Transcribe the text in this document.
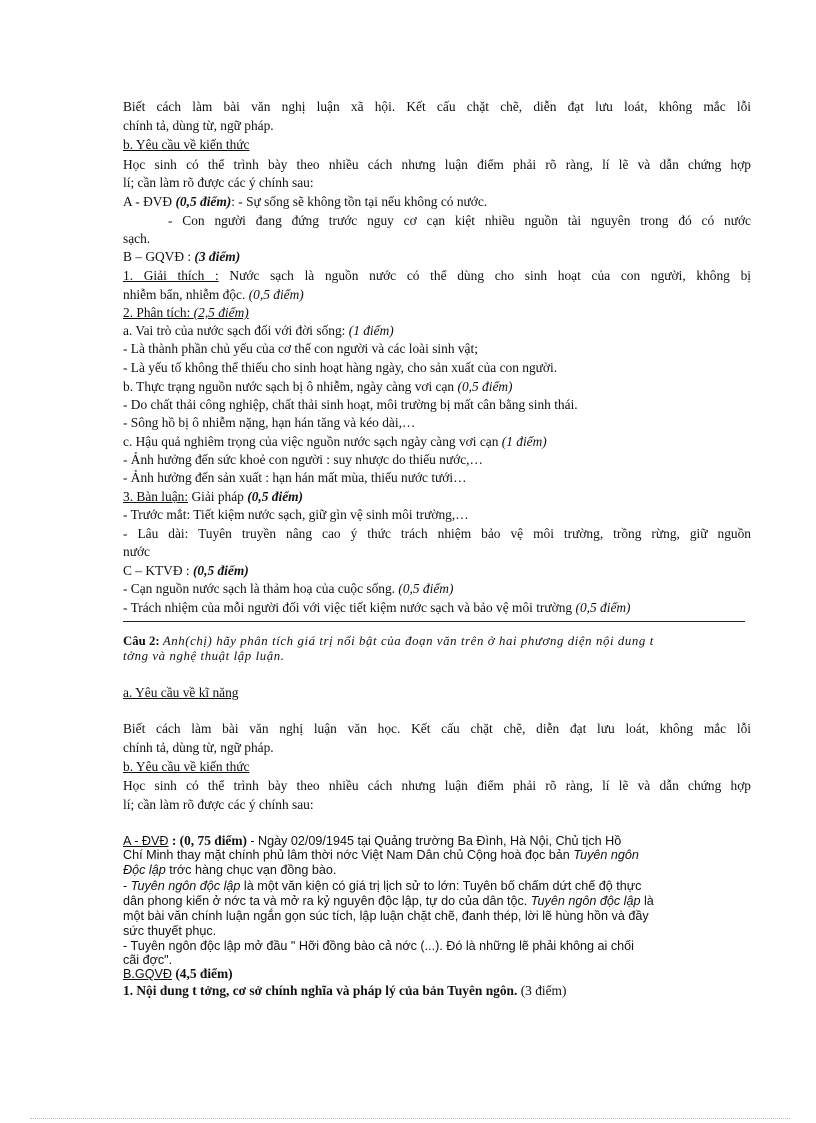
Biết cách làm bài văn nghị luận xã hội. Kết cấu chặt chẽ, diễn đạt lưu loát, không mắc lỗi
chính tả, dùng từ, ngữ pháp.
b. Yêu cầu về kiến thức
Học sinh có thể trình bày theo nhiều cách nhưng luận điểm phải rõ ràng, lí lẽ và dẫn chứng hợp
lí; cần làm rõ được các ý chính sau:
A - ĐVĐ (0,5 điểm): - Sự sống sẽ không tồn tại nếu không có nước.
- Con người đang đứng trước nguy cơ cạn kiệt nhiều nguồn tài nguyên trong đó có nước
sạch.
B – GQVĐ : (3 điểm)
1. Giải thích : Nước sạch là nguồn nước có thể dùng cho sinh hoạt của con người, không bị
nhiễm bẩn, nhiễm độc. (0,5 điểm)
2. Phân tích: (2,5 điểm)
a. Vai trò của nước sạch đối với đời sống: (1 điểm)
- Là thành phần chủ yếu của cơ thể con người và các loài sinh vật;
- Là yếu tố không thể thiếu cho sinh hoạt hàng ngày, cho sản xuất của con người.
b. Thực trạng nguồn nước sạch bị ô nhiễm, ngày càng vơi cạn (0,5 điểm)
- Do chất thải công nghiệp, chất thải sinh hoạt, môi trường bị mất cân bằng sinh thái.
- Sông hồ bị ô nhiễm nặng, hạn hán tăng và kéo dài,…
c. Hậu quả nghiêm trọng của việc nguồn nước sạch ngày càng vơi cạn (1 điểm)
- Ảnh hưởng đến sức khoẻ con người : suy nhược do thiếu nước,…
- Ảnh hưởng đến sản xuất : hạn hán mất mùa, thiếu nước tưới…
3. Bàn luận: Giải pháp (0,5 điểm)
- Trước mắt: Tiết kiệm nước sạch, giữ gìn vệ sinh môi trường,…
- Lâu dài: Tuyên truyền nâng cao ý thức trách nhiệm bảo vệ môi trường, trồng rừng, giữ nguồn
nước
C – KTVĐ : (0,5 điểm)
- Cạn nguồn nước sạch là thảm hoạ của cuộc sống. (0,5 điểm)
- Trách nhiệm của mỗi người đối với việc tiết kiệm nước sạch và bảo vệ môi trường (0,5 điểm)
Câu 2: Anh(chị) hãy phân tích giá trị nổi bật của đoạn văn trên ở hai phương diện nội dung t
tởng và nghệ thuật lập luận.
a. Yêu cầu về kĩ năng
Biết cách làm bài văn nghị luận văn học. Kết cấu chặt chẽ, diễn đạt lưu loát, không mắc lỗi
chính tả, dùng từ, ngữ pháp.
b. Yêu cầu về kiến thức
Học sinh có thể trình bày theo nhiều cách nhưng luận điểm phải rõ ràng, lí lẽ và dẫn chứng hợp
lí; cần làm rõ được các ý chính sau:
A - ĐVĐ : (0, 75 điểm) - Ngày 02/09/1945 tại Quảng trường Ba Đình, Hà Nội, Chủ tịch Hồ
Chí Minh thay mặt chính phủ lâm thời nớc Việt Nam Dân chủ Cộng hoà đọc bản Tuyên ngôn
Độc lập trớc hàng chục vạn đồng bào.
- Tuyên ngôn độc lập là một văn kiện có giá trị lịch sử to lớn: Tuyên bố chấm dứt chế độ thực
dân phong kiến ở nớc ta và mở ra kỷ nguyên độc lập, tự do của dân tộc. Tuyên ngôn độc lập là
một bài văn chính luận ngắn gọn súc tích, lập luận chặt chẽ, đanh thép, lời lẽ hùng hồn và đầy
sức thuyết phục.
- Tuyên ngôn độc lập mở đầu " Hỡi đồng bào cả nớc (...). Đó là những lẽ phải không ai chối
cãi đợc".
B.GQVĐ (4,5 điểm)
1. Nội dung t tởng, cơ sở chính nghĩa và pháp lý của bản Tuyên ngôn. (3 điểm)
